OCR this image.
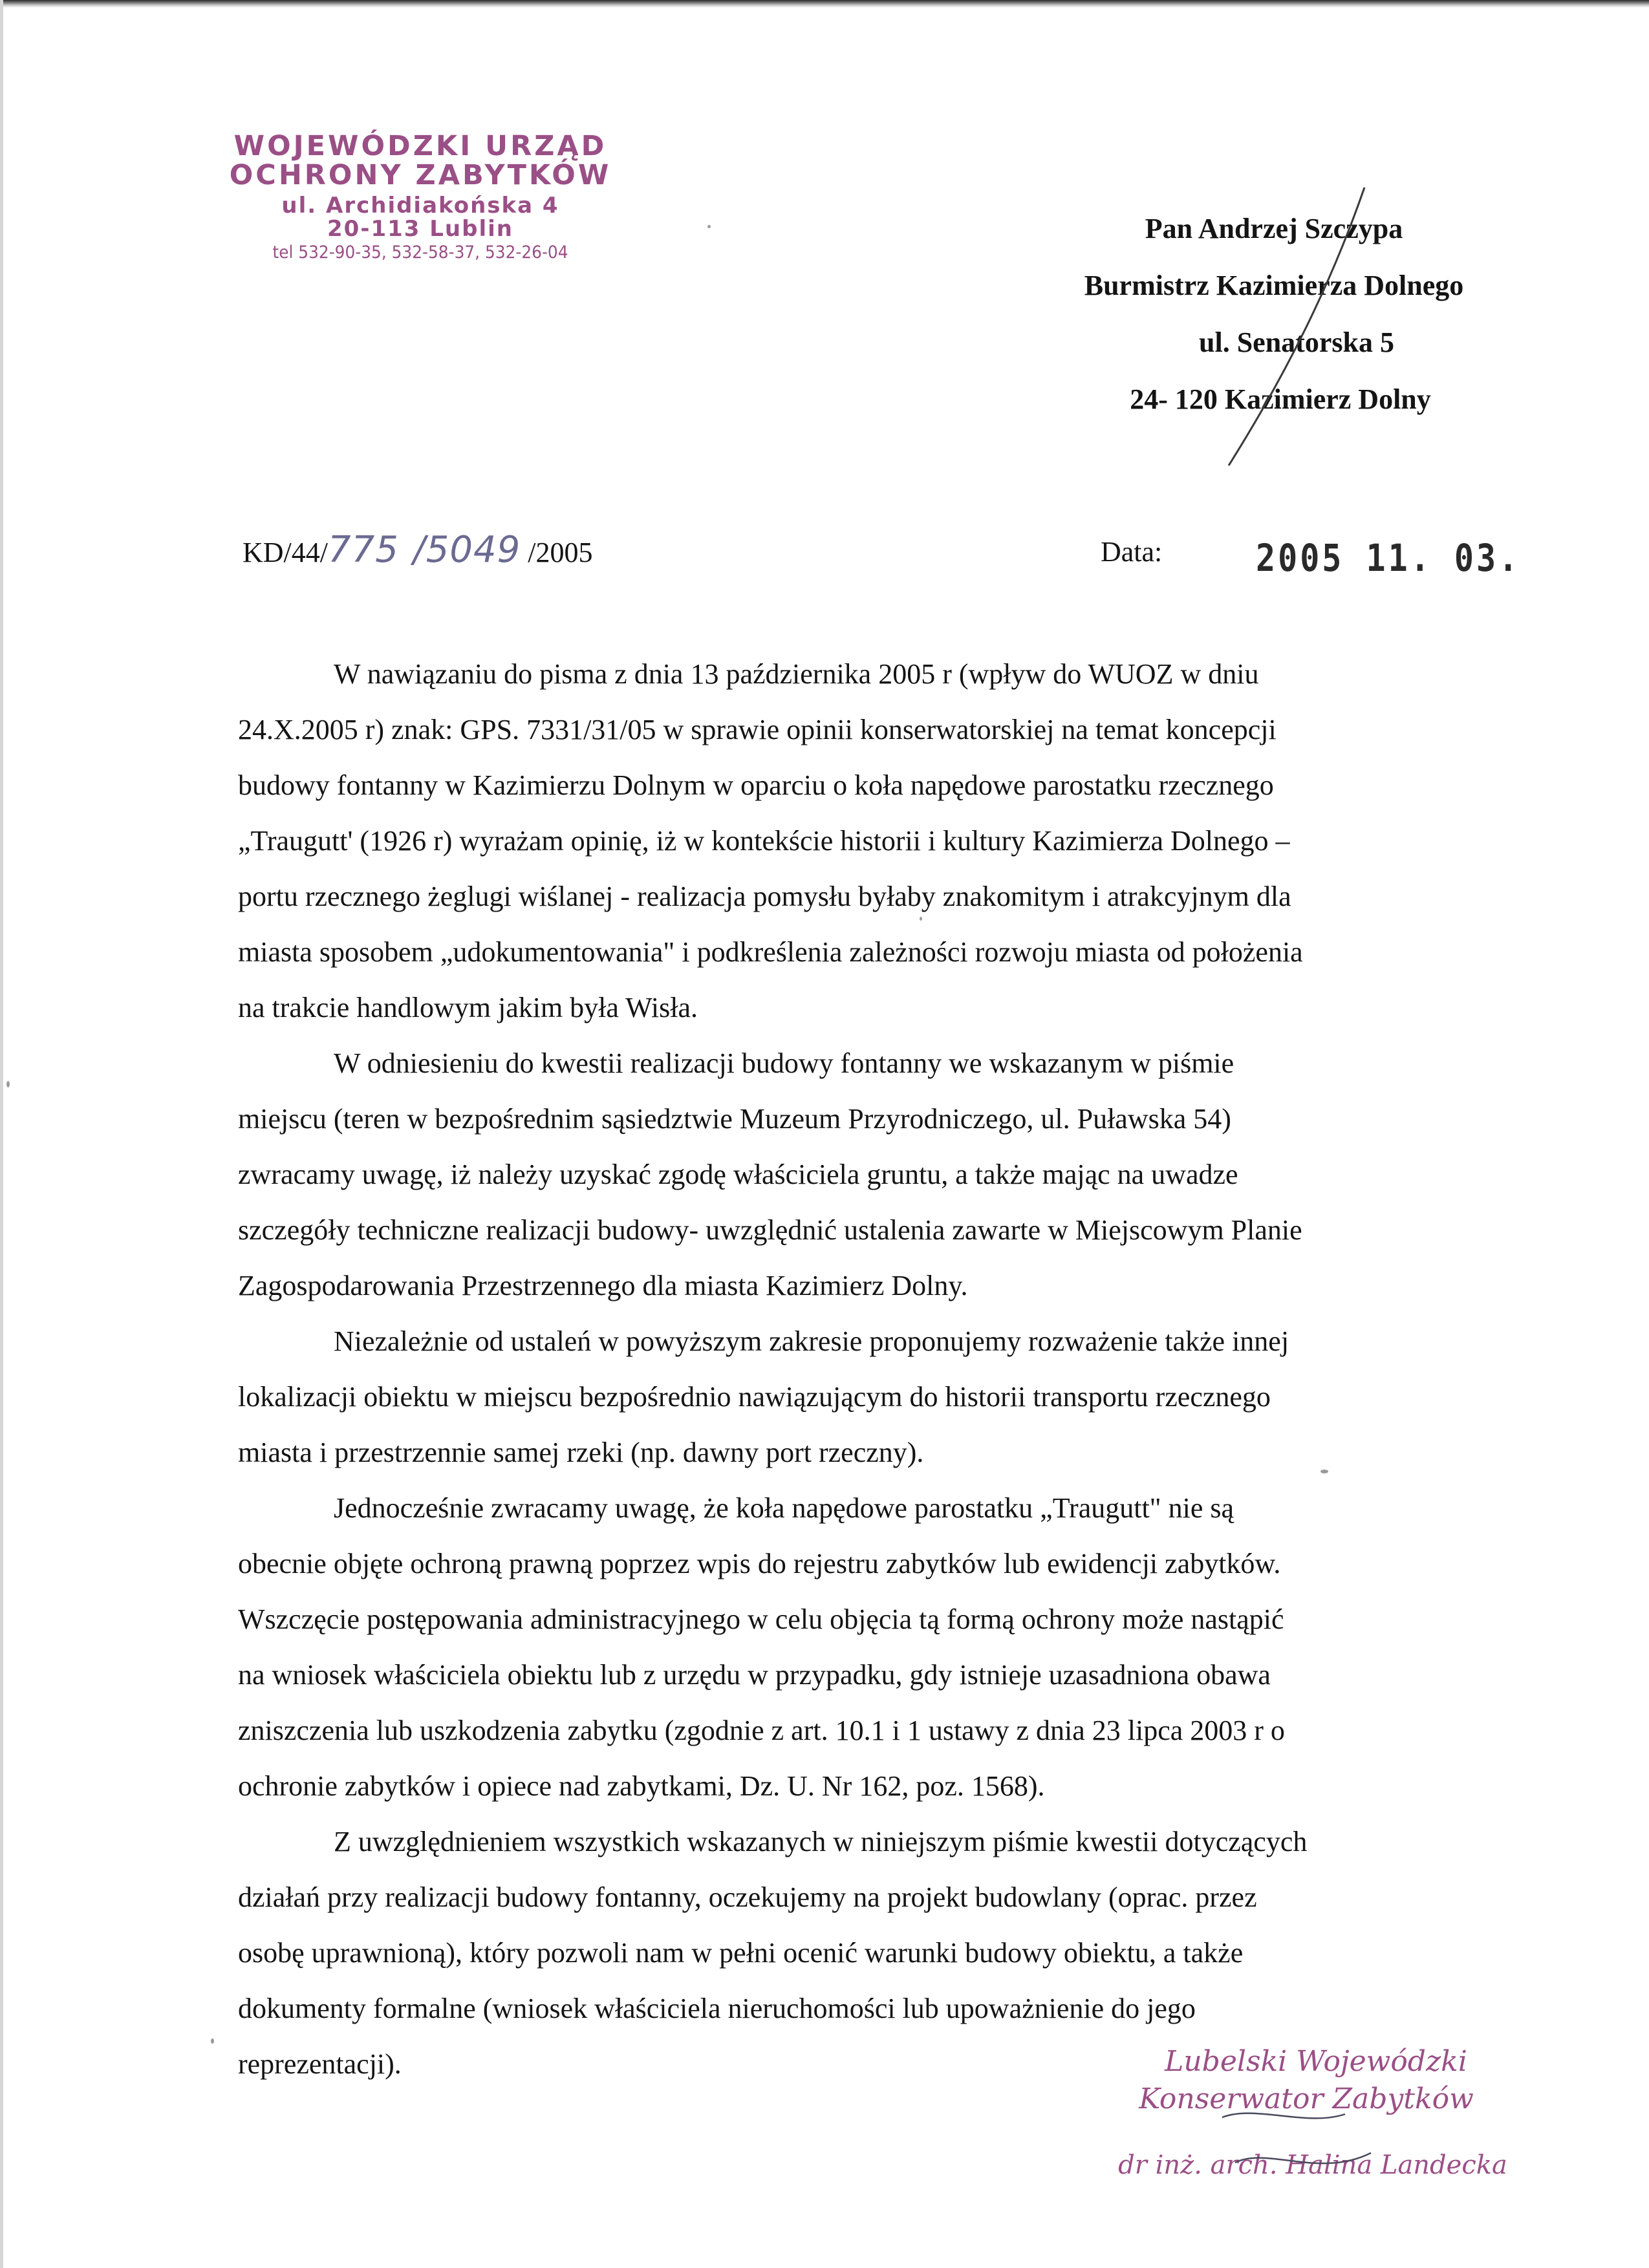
WOJEWÓDZKI URZĄD
OCHRONY ZABYTKÓW
ul. Archidiakońska 4
20-113 Lublin
tel 532-90-35, 532-58-37, 532-26-04
Pan Andrzej Szczypa
Burmistrz Kazimierza Dolnego
ul. Senatorska 5
24- 120 Kazimierz Dolny
KD/44/775 /5049 /2005	Data:	2005 11. 03.

W nawiązaniu do pisma z dnia 13 października 2005 r (wpływ do WUOZ w dniu

24.X.2005 r) znak: GPS. 7331/31/05 w sprawie opinii konserwatorskiej na temat koncepcji
budowy fontanny w Kazimierzu Dolnym w oparciu o koła napędowe parostatku rzecznego
„Traugutt' (1926 r) wyrażam opinię, iż w kontekście historii i kultury Kazimierza Dolnego –
portu rzecznego żeglugi wiślanej - realizacja pomysłu byłaby znakomitym i atrakcyjnym dla
miasta sposobem „udokumentowania" i podkreślenia zależności rozwoju miasta od położenia
na trakcie handlowym jakim była Wisła.

W odniesieniu do kwestii realizacji budowy fontanny we wskazanym w piśmie

miejscu (teren w bezpośrednim sąsiedztwie Muzeum Przyrodniczego, ul. Puławska 54)
zwracamy uwagę, iż należy uzyskać zgodę właściciela gruntu, a także mając na uwadze
szczegóły techniczne realizacji budowy- uwzględnić ustalenia zawarte w Miejscowym Planie
Zagospodarowania Przestrzennego dla miasta Kazimierz Dolny.

Niezależnie od ustaleń w powyższym zakresie proponujemy rozważenie także innej

lokalizacji obiektu w miejscu bezpośrednio nawiązującym do historii transportu rzecznego
miasta i przestrzennie samej rzeki (np. dawny port rzeczny).

Jednocześnie zwracamy uwagę, że koła napędowe parostatku „Traugutt" nie są

obecnie objęte ochroną prawną poprzez wpis do rejestru zabytków lub ewidencji zabytków.
Wszczęcie postępowania administracyjnego w celu objęcia tą formą ochrony może nastąpić
na wniosek właściciela obiektu lub z urzędu w przypadku, gdy istnieje uzasadniona obawa
zniszczenia lub uszkodzenia zabytku (zgodnie z art. 10.1 i 1 ustawy z dnia 23 lipca 2003 r o
ochronie zabytków i opiece nad zabytkami, Dz. U. Nr 162, poz. 1568).

Z uwzględnieniem wszystkich wskazanych w niniejszym piśmie kwestii dotyczących

działań przy realizacji budowy fontanny, oczekujemy na projekt budowlany (oprac. przez
osobę uprawnioną), który pozwoli nam w pełni ocenić warunki budowy obiektu, a także
dokumenty formalne (wniosek właściciela nieruchomości lub upoważnienie do jego
reprezentacji).	Lubelski Wojewódzki
Konserwator Zabytków
dr inż. arch. Halina Landecka
